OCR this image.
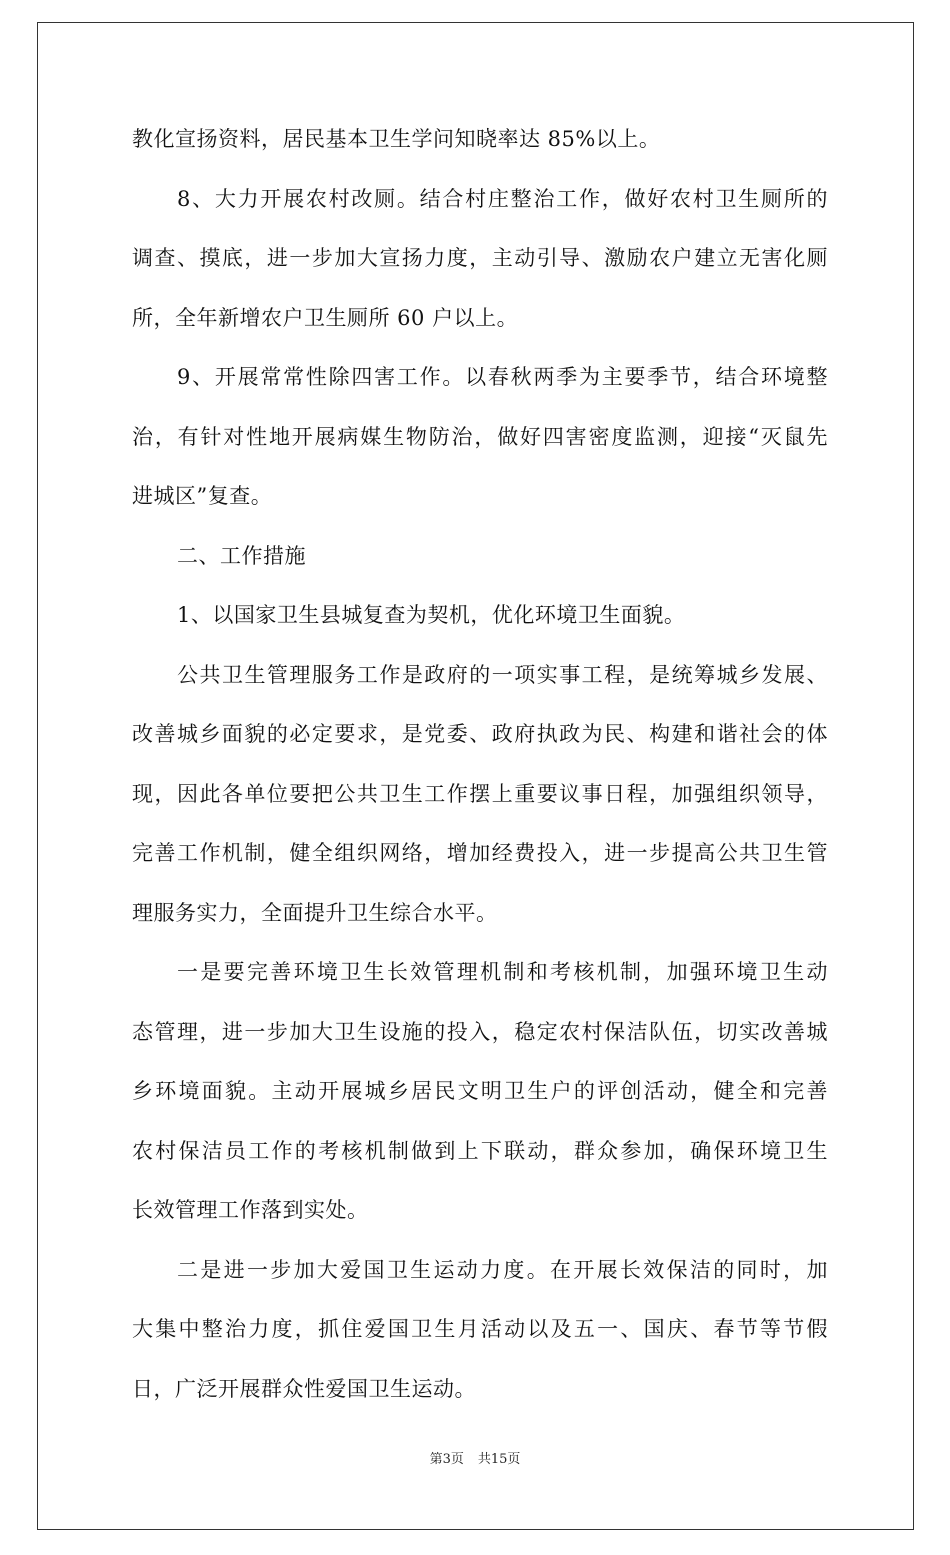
教化宣扬资料，居民基本卫生学问知晓率达 85%以上。
8、大力开展农村改厕。结合村庄整治工作，做好农村卫生厕所的
调查、摸底，进一步加大宣扬力度，主动引导、激励农户建立无害化厕
所，全年新增农户卫生厕所 60 户以上。
9、开展常常性除四害工作。以春秋两季为主要季节，结合环境整
治，有针对性地开展病媒生物防治，做好四害密度监测，迎接“灭鼠先
进城区”复查。
二、工作措施
1、以国家卫生县城复查为契机，优化环境卫生面貌。
公共卫生管理服务工作是政府的一项实事工程，是统筹城乡发展、
改善城乡面貌的必定要求，是党委、政府执政为民、构建和谐社会的体
现，因此各单位要把公共卫生工作摆上重要议事日程，加强组织领导，
完善工作机制，健全组织网络，增加经费投入，进一步提高公共卫生管
理服务实力，全面提升卫生综合水平。
一是要完善环境卫生长效管理机制和考核机制，加强环境卫生动
态管理，进一步加大卫生设施的投入，稳定农村保洁队伍，切实改善城
乡环境面貌。主动开展城乡居民文明卫生户的评创活动，健全和完善
农村保洁员工作的考核机制做到上下联动，群众参加，确保环境卫生
长效管理工作落到实处。
二是进一步加大爱国卫生运动力度。在开展长效保洁的同时，加
大集中整治力度，抓住爱国卫生月活动以及五一、国庆、春节等节假
日，广泛开展群众性爱国卫生运动。
第3页 共15页
